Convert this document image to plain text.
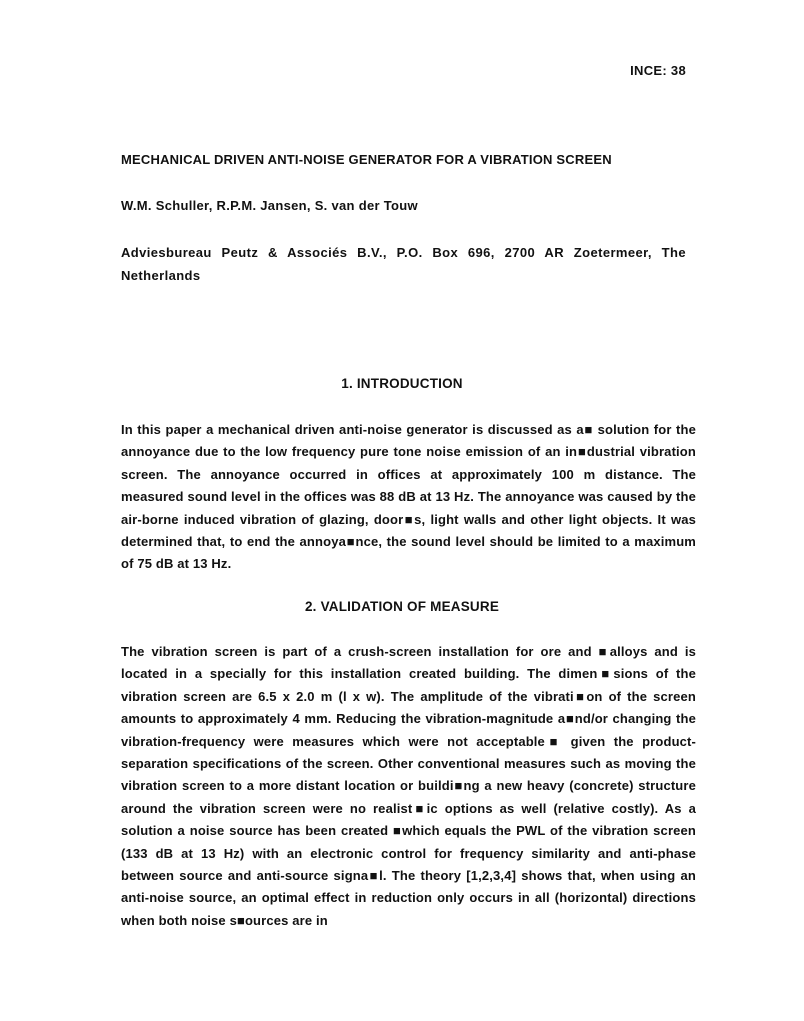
INCE: 38
MECHANICAL DRIVEN ANTI-NOISE GENERATOR FOR A VIBRATION SCREEN
W.M. Schuller, R.P.M. Jansen, S. van der Touw
Adviesbureau Peutz & Associés B.V., P.O. Box 696, 2700 AR Zoetermeer, The Netherlands
1. INTRODUCTION
In this paper a mechanical driven anti-noise generator is discussed as a■ solution for the annoyance due to the low frequency pure tone noise emission of an in■dustrial vibration screen. The annoyance occurred in offices at approximately 100 m distance. The measured sound level in the offices was 88 dB at 13 Hz. The annoyance was caused by the air-borne induced vibration of glazing, door■s, light walls and other light objects. It was determined that, to end the annoya■nce, the sound level should be limited to a maximum of 75 dB at 13 Hz.
2. VALIDATION OF MEASURE
The vibration screen is part of a crush-screen installation for ore and ■alloys and is located in a specially for this installation created building. The dimen■sions of the vibration screen are 6.5 x 2.0 m (l x w). The amplitude of the vibrati■on of the screen amounts to approximately 4 mm. Reducing the vibration-magnitude a■nd/or changing the vibration-frequency were measures which were not acceptable■ given the product-separation specifications of the screen. Other conventional measures such as moving the vibration screen to a more distant location or buildi■ng a new heavy (concrete) structure around the vibration screen were no realist■ic options as well (relative costly). As a solution a noise source has been created ■which equals the PWL of the vibration screen (133 dB at 13 Hz) with an electronic control for frequency similarity and anti-phase between source and anti-source signa■l. The theory [1,2,3,4] shows that, when using an anti-noise source, an optimal effect in reduction only occurs in all (horizontal) directions when both noise s■ources are in
